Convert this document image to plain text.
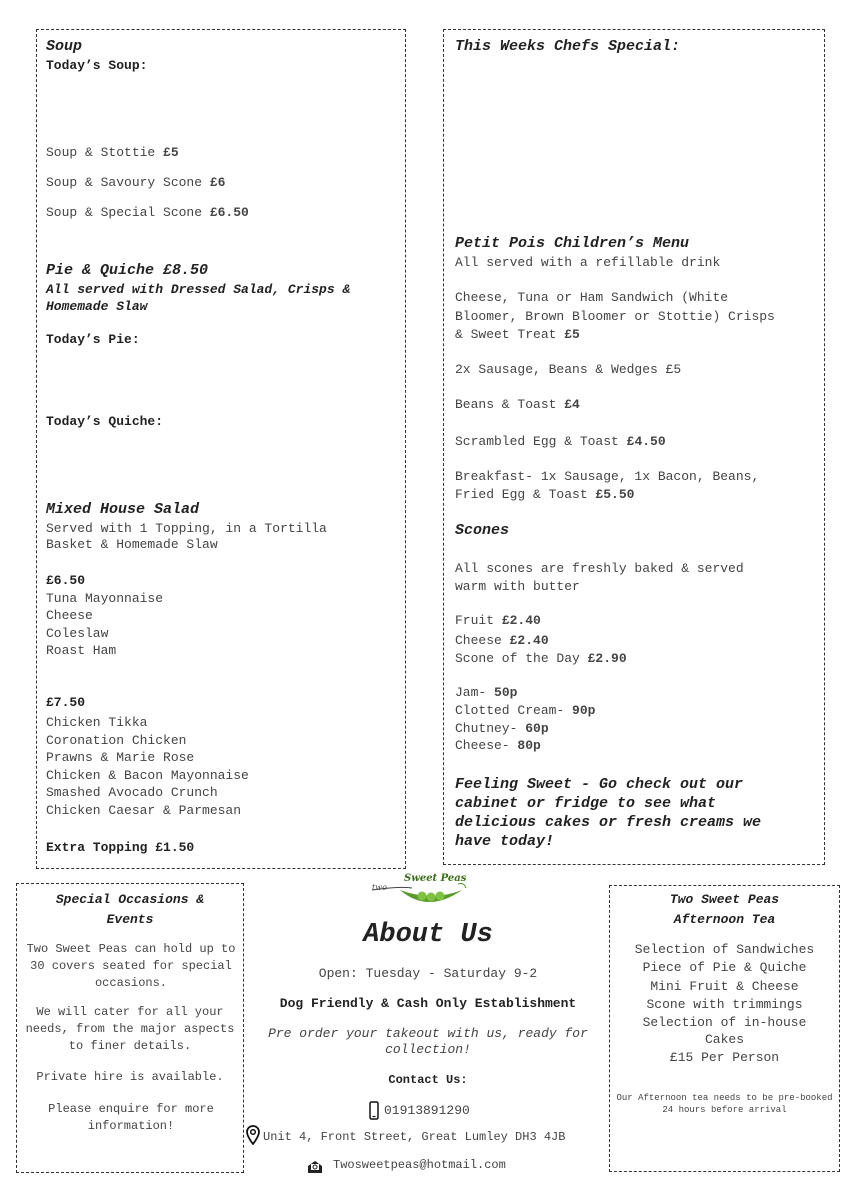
Soup
Today’s Soup:
Soup & Stottie £5
Soup & Savoury Scone £6
Soup & Special Scone £6.50
Pie & Quiche £8.50
All served with Dressed Salad, Crisps &
Homemade Slaw
Today’s Pie:
Today’s Quiche:
Mixed House Salad
Served with 1 Topping, in a Tortilla
Basket & Homemade Slaw
£6.50
Tuna Mayonnaise
Cheese
Coleslaw
Roast Ham
£7.50
Chicken Tikka
Coronation Chicken
Prawns & Marie Rose
Chicken & Bacon Mayonnaise
Smashed Avocado Crunch
Chicken Caesar & Parmesan
Extra Topping £1.50
This Weeks Chefs Special:
Petit Pois Children’s Menu
All served with a refillable drink
Cheese, Tuna or Ham Sandwich (White
Bloomer, Brown Bloomer or Stottie) Crisps
& Sweet Treat £5
2x Sausage, Beans & Wedges £5
Beans & Toast £4
Scrambled Egg & Toast £4.50
Breakfast- 1x Sausage, 1x Bacon, Beans,
Fried Egg & Toast £5.50
Scones
All scones are freshly baked & served
warm with butter
Fruit £2.40
Cheese £2.40
Scone of the Day £2.90
Jam- 50p
Clotted Cream- 90p
Chutney- 60p
Cheese- 80p
Feeling Sweet - Go check out our
cabinet or fridge to see what
delicious cakes or fresh creams we
have today!
Special Occasions &
Events
Two Sweet Peas can hold up to 30 covers seated for special occasions.
We will cater for all your needs, from the major aspects to finer details.
Private hire is available.
Please enquire for more information!
two
Sweet Peas
About Us
Open: Tuesday - Saturday 9-2
Dog Friendly & Cash Only Establishment
Pre order your takeout with us, ready for collection!
Contact Us:
01913891290
Unit 4, Front Street, Great Lumley DH3 4JB
Twosweetpeas@hotmail.com
Two Sweet Peas
Afternoon Tea
Selection of Sandwiches
Piece of Pie & Quiche
Mini Fruit & Cheese
Scone with trimmings
Selection of in-house
Cakes
£15 Per Person
Our Afternoon tea needs to be pre-booked 24 hours before arrival
